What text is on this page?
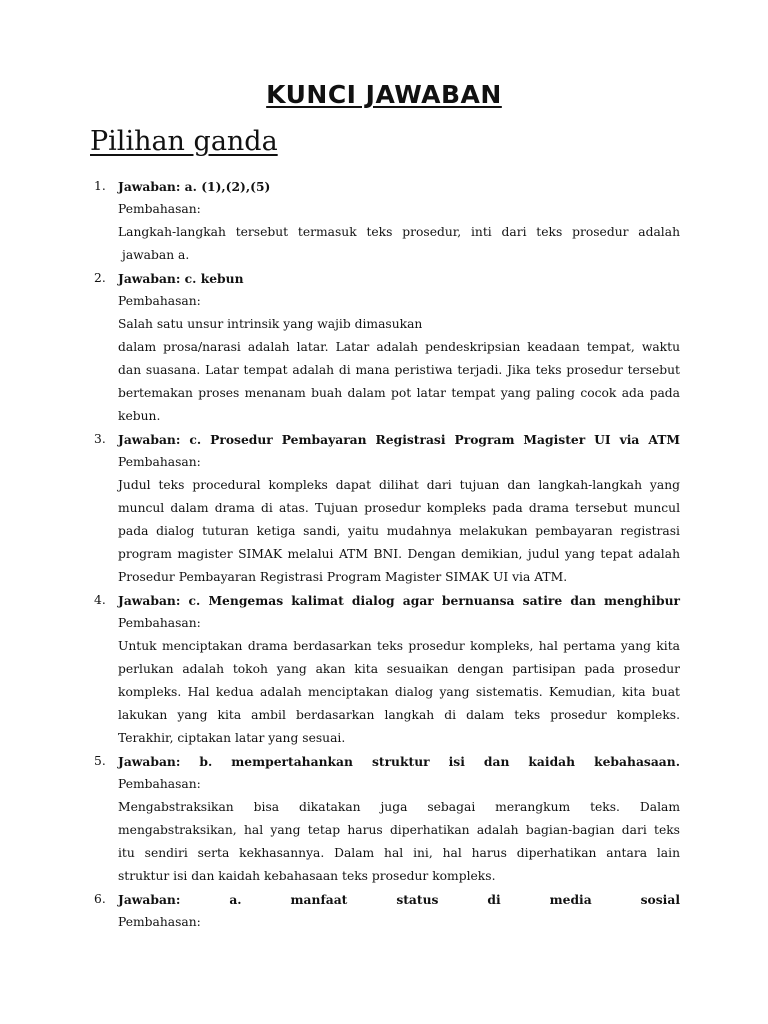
KUNCI JAWABAN
Pilihan ganda
1. Jawaban: a. (1),(2),(5)
Pembahasan:
Langkah-langkah tersebut termasuk teks prosedur, inti dari teks prosedur adalah
jawaban a.
2. Jawaban: c. kebun
Pembahasan:
Salah satu unsur intrinsik yang wajib dimasukan
dalam prosa/narasi adalah latar. Latar adalah pendeskripsian keadaan tempat, waktu
dan suasana. Latar tempat adalah di mana peristiwa terjadi. Jika teks prosedur tersebut
bertemakan proses menanam buah dalam pot latar tempat yang paling cocok ada pada
kebun.
3. Jawaban: c. Prosedur Pembayaran Registrasi Program Magister UI via ATM
Pembahasan:
Judul teks procedural kompleks dapat dilihat dari tujuan dan langkah-langkah yang
muncul dalam drama di atas. Tujuan prosedur kompleks pada drama tersebut muncul
pada dialog tuturan ketiga sandi, yaitu mudahnya melakukan pembayaran registrasi
program magister SIMAK melalui ATM BNI. Dengan demikian, judul yang tepat adalah
Prosedur Pembayaran Registrasi Program Magister SIMAK UI via ATM.
4. Jawaban: c. Mengemas kalimat dialog agar bernuansa satire dan menghibur
Pembahasan:
Untuk menciptakan drama berdasarkan teks prosedur kompleks, hal pertama yang kita
perlukan adalah tokoh yang akan kita sesuaikan dengan partisipan pada prosedur
kompleks. Hal kedua adalah menciptakan dialog yang sistematis. Kemudian, kita buat
lakukan yang kita ambil berdasarkan langkah di dalam teks prosedur kompleks.
Terakhir, ciptakan latar yang sesuai.
5. Jawaban: b. mempertahankan struktur isi dan kaidah kebahasaan.
Pembahasan:
Mengabstraksikan bisa dikatakan juga sebagai merangkum teks. Dalam
mengabstraksikan, hal yang tetap harus diperhatikan adalah bagian-bagian dari teks
itu sendiri serta kekhasannya. Dalam hal ini, hal harus diperhatikan antara lain
struktur isi dan kaidah kebahasaan teks prosedur kompleks.
6. Jawaban: a. manfaat status di media sosial
Pembahasan:
